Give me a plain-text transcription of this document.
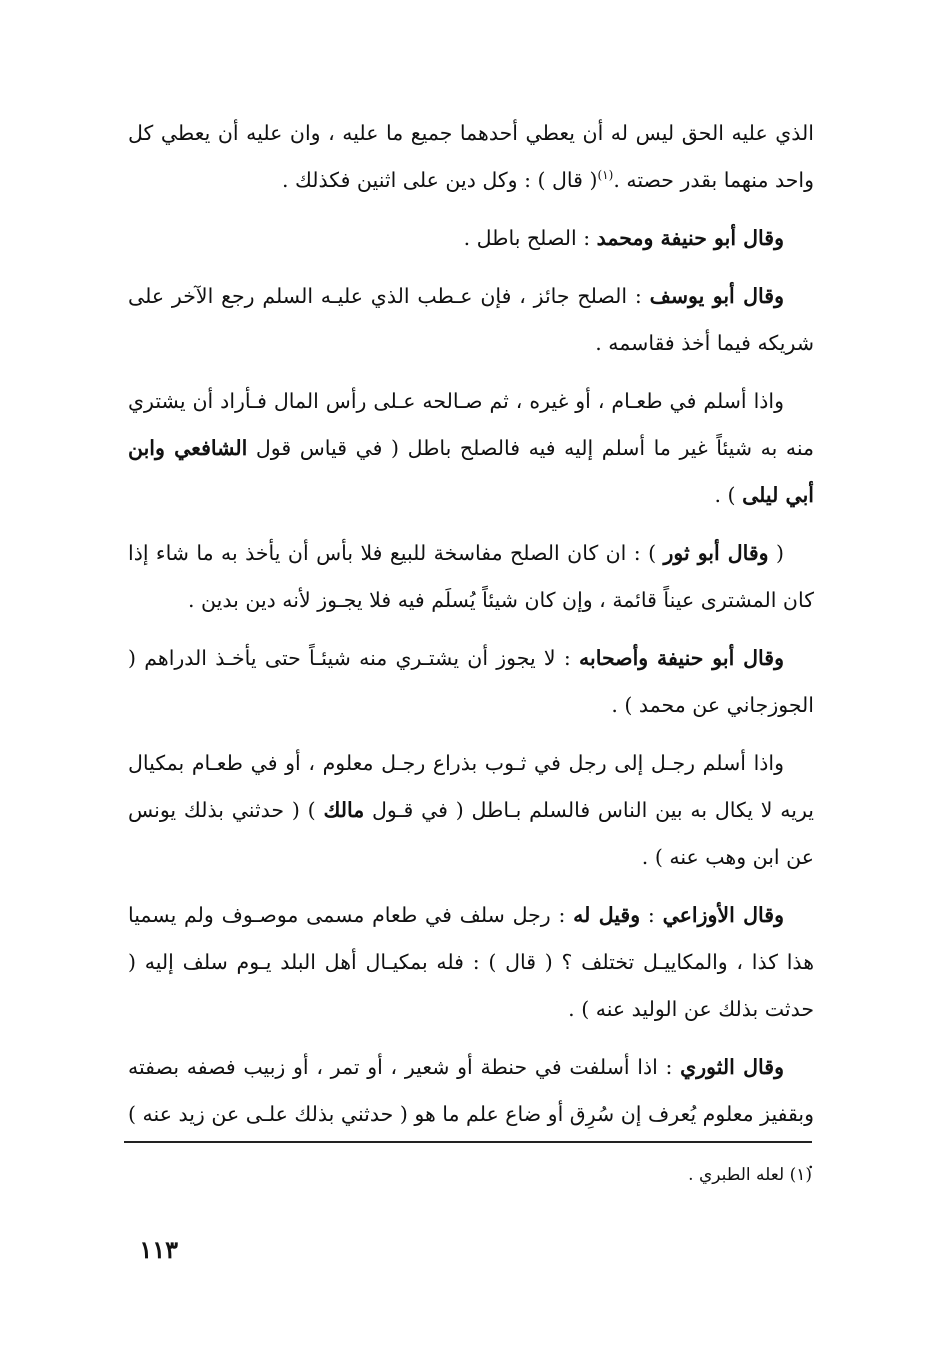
الذي عليه الحق ليس له أن يعطي أحدهما جميع ما عليه ، وان عليه أن يعطي كل واحد منهما بقدر حصته .$^{(١)}$( قال ) : وكل دين على اثنين فكذلك .

وقال أبو حنيفة ومحمد : الصلح باطل .

وقال أبو يوسف : الصلح جائز ، فإن عـطب الذي عليـه السلم رجع الآخر على شريكه فيما أخذ فقاسمه .

واذا أسلم في طعـام ، أو غيره ، ثم صـالحه عـلى رأس المال فـأراد أن يشتري منه به شيئاً غير ما أسلم إليه فيه فالصلح باطل ( في قياس قول الشافعي وابن أبي ليلى ) .

( وقال أبو ثور ) : ان كان الصلح مفاسخة للبيع فلا بأس أن يأخذ به ما شاء إذا كان المشترى عيناً قائمة ، وإن كان شيئاً يُسلَم فيه فلا يجـوز لأنه دين بدين .

وقال أبو حنيفة وأصحابه : لا يجوز أن يشتـري منه شيئـاً حتى يأخـذ الدراهم ( الجوزجاني عن محمد ) .

واذا أسلم رجـل إلى رجل في ثـوب بذراع رجـل معلوم ، أو في طعـام بمكيال يريه لا يكال به بين الناس فالسلم بـاطل ( في قـول مالك ) ( حدثني بذلك يونس عن ابن وهب عنه ) .

وقال الأوزاعي : وقيل له : رجل سلف في طعام مسمى موصـوف ولم يسميا هذا كذا ، والمكاييـل تختلف ؟ ( قال ) : فله بمكيـال أهل البلد يـوم سلف إليه ( حدثت بذلك عن الوليد عنه ) .

وقال الثوري : اذا أسلفت في حنطة أو شعير ، أو تمر ، أو زبيب فصفه بصفته وبقفيز معلوم يُعرف إن سُرِق أو ضاع علم ما هو ( حدثني بذلك علـى عن زيد عنه ) .

(١) لعله الطبري .
١١٣
